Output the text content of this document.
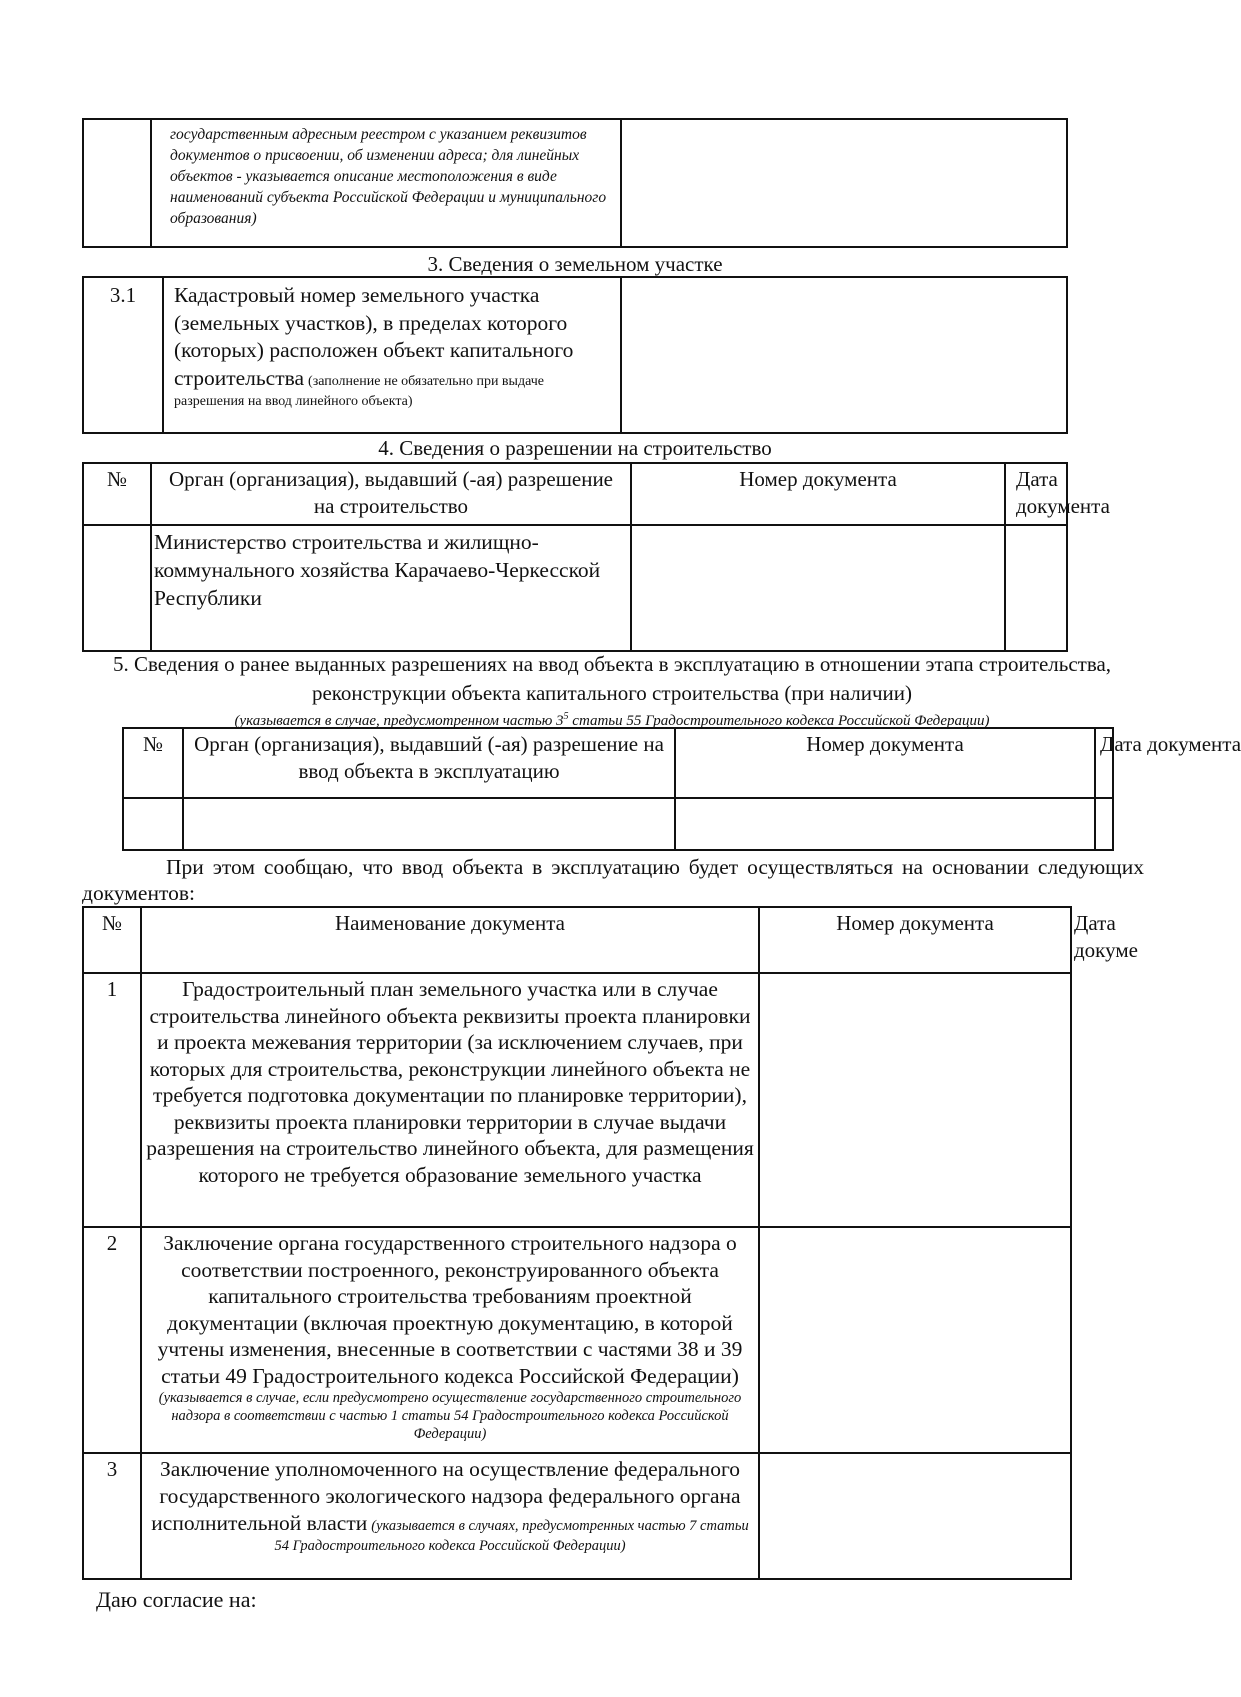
государственным адресным реестром с указанием реквизитов документов о присвоении, об изменении адреса; для линейных объектов - указывается описание местоположения в виде наименований субъекта Российской Федерации и муниципального образования)

3. Сведения о земельном участке
3.1	Кадастровый номер земельного участка (земельных участков), в пределах которого (которых) расположен объект капитального строительства (заполнение не обязательно при выдаче разрешения на ввод линейного объекта)	
4. Сведения о разрешении на строительство
№	Орган (организация), выдавший (-ая) разрешение на строительство	Номер документа	Дата документа
	Министерство строительства и жилищно-коммунального хозяйства Карачаево-Черкесской Республики		
5. Сведения о ранее выданных разрешениях на ввод объекта в эксплуатацию в отношении этапа строительства, реконструкции объекта капитального строительства (при наличии)
(указывается в случае, предусмотренном частью $3^5$ статьи 55 Градостроительного кодекса Российской Федерации)
№	Орган (организация), выдавший (-ая) разрешение на ввод объекта в эксплуатацию	Номер документа	Дата документа

При этом сообщаю, что ввод объекта в эксплуатацию будет осуществляться на основании следующих документов:
№	Наименование документа	Номер документа	Дата докуме
1	Градостроительный план земельного участка или в случае строительства линейного объекта реквизиты проекта планировки и проекта межевания территории (за исключением случаев, при которых для строительства, реконструкции линейного объекта не требуется подготовка документации по планировке территории), реквизиты проекта планировки территории в случае выдачи разрешения на строительство линейного объекта, для размещения которого не требуется образование земельного участка		
2	Заключение органа государственного строительного надзора о соответствии построенного, реконструированного объекта капитального строительства требованиям проектной документации (включая проектную документацию, в которой учтены изменения, внесенные в соответствии с частями 38 и 39 статьи 49 Градостроительного кодекса Российской Федерации) (указывается в случае, если предусмотрено осуществление государственного строительного надзора в соответствии с частью 1 статьи 54 Градостроительного кодекса Российской Федерации)		
3	Заключение уполномоченного на осуществление федерального государственного экологического надзора федерального органа исполнительной власти (указывается в случаях, предусмотренных частью 7 статьи 54 Градостроительного кодекса Российской Федерации)		
Даю согласие на:
